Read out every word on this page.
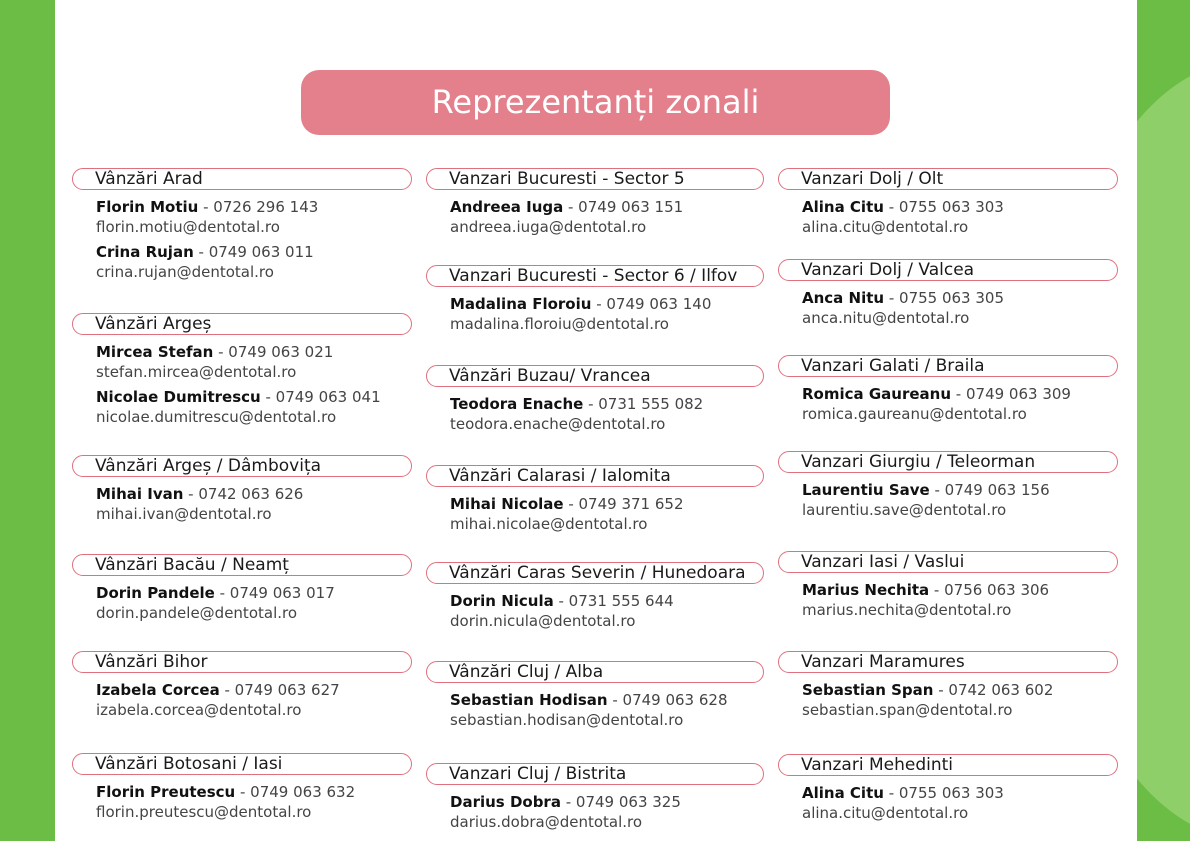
Reprezentanți zonali
Vânzări Arad
Florin Motiu - 0726 296 143
florin.motiu@dentotal.ro
Crina Rujan - 0749 063 011
crina.rujan@dentotal.ro
Vânzări Argeș
Mircea Stefan - 0749 063 021
stefan.mircea@dentotal.ro
Nicolae Dumitrescu - 0749 063 041
nicolae.dumitrescu@dentotal.ro
Vânzări Argeș / Dâmbovița
Mihai Ivan - 0742 063 626
mihai.ivan@dentotal.ro
Vânzări Bacău / Neamț
Dorin Pandele - 0749 063 017
dorin.pandele@dentotal.ro
Vânzări Bihor
Izabela Corcea - 0749 063 627
izabela.corcea@dentotal.ro
Vânzări Botosani / Iasi
Florin Preutescu - 0749 063 632
florin.preutescu@dentotal.ro
Vanzari Bucuresti - Sector 5
Andreea Iuga - 0749 063 151
andreea.iuga@dentotal.ro
Vanzari Bucuresti - Sector 6 / Ilfov
Madalina Floroiu - 0749 063 140
madalina.floroiu@dentotal.ro
Vânzări Buzau/ Vrancea
Teodora Enache - 0731 555 082
teodora.enache@dentotal.ro
Vânzări Calarasi / Ialomita
Mihai Nicolae - 0749 371 652
mihai.nicolae@dentotal.ro
Vânzări Caras Severin / Hunedoara
Dorin Nicula - 0731 555 644
dorin.nicula@dentotal.ro
Vânzări Cluj / Alba
Sebastian Hodisan - 0749 063 628
sebastian.hodisan@dentotal.ro
Vanzari Cluj / Bistrita
Darius Dobra - 0749 063 325
darius.dobra@dentotal.ro
Vanzari Dolj / Olt
Alina Citu - 0755 063 303
alina.citu@dentotal.ro
Vanzari Dolj / Valcea
Anca Nitu - 0755 063 305
anca.nitu@dentotal.ro
Vanzari Galati / Braila
Romica Gaureanu - 0749 063 309
romica.gaureanu@dentotal.ro
Vanzari Giurgiu / Teleorman
Laurentiu Save - 0749 063 156
laurentiu.save@dentotal.ro
Vanzari Iasi / Vaslui
Marius Nechita - 0756 063 306
marius.nechita@dentotal.ro
Vanzari Maramures
Sebastian Span - 0742 063 602
sebastian.span@dentotal.ro
Vanzari Mehedinti
Alina Citu - 0755 063 303
alina.citu@dentotal.ro
